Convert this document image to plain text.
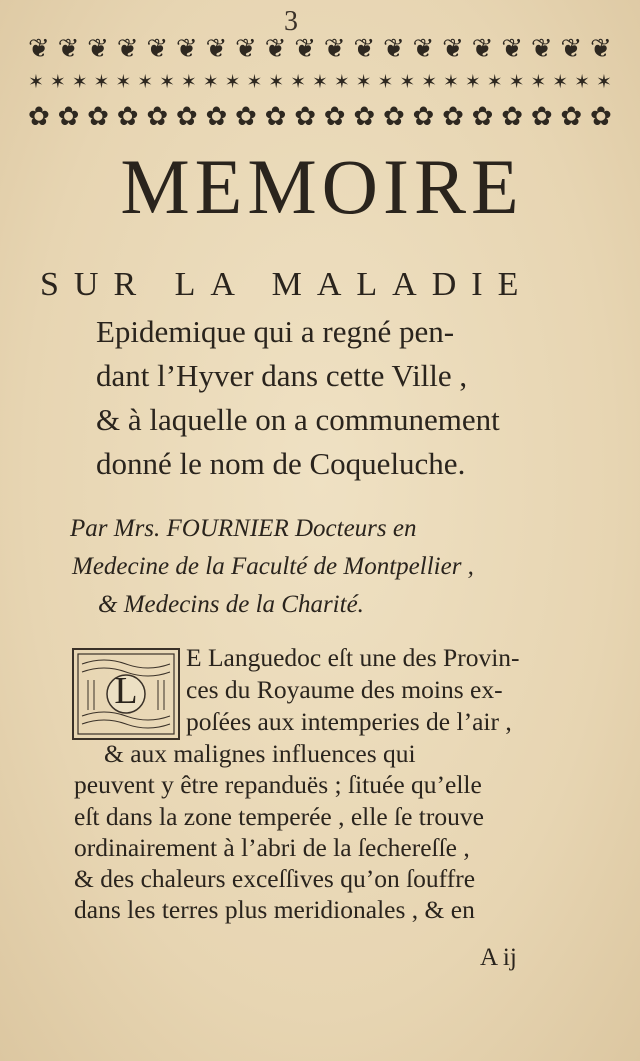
3
❦ ❦ ❦ ❦ ❦ ❦ ❦ ❦ ❦ ❦ ❦ ❦ ❦ ❦ ❦ ❦ ❦ ❦ ❦ ❦
✶ ✶ ✶ ✶ ✶ ✶ ✶ ✶ ✶ ✶ ✶ ✶ ✶ ✶ ✶ ✶ ✶ ✶ ✶ ✶ ✶ ✶ ✶ ✶ ✶ ✶ ✶
✿ ✿ ✿ ✿ ✿ ✿ ✿ ✿ ✿ ✿ ✿ ✿ ✿ ✿ ✿ ✿ ✿ ✿ ✿ ✿
MEMOIRE
SUR LA MALADIE
Epidemique qui a regné pen-
dant l’Hyver dans cette Ville ,
& à laquelle on a communement
donné le nom de Coqueluche.
Par Mrs. FOURNIER Docteurs en
Medecine de la Faculté de Montpellier ,
& Medecins de la Charité.
L
E Languedoc eſt une des Provin-
ces du Royaume des moins ex-
poſées aux intemperies de l’air ,
& aux malignes influences qui
peuvent y être repanduës ; ſituée qu’elle
eſt dans la zone temperée , elle ſe trouve
ordinairement à l’abri de la ſechereſſe ,
& des chaleurs exceſſives qu’on ſouffre
dans les terres plus meridionales , & en
A ij
